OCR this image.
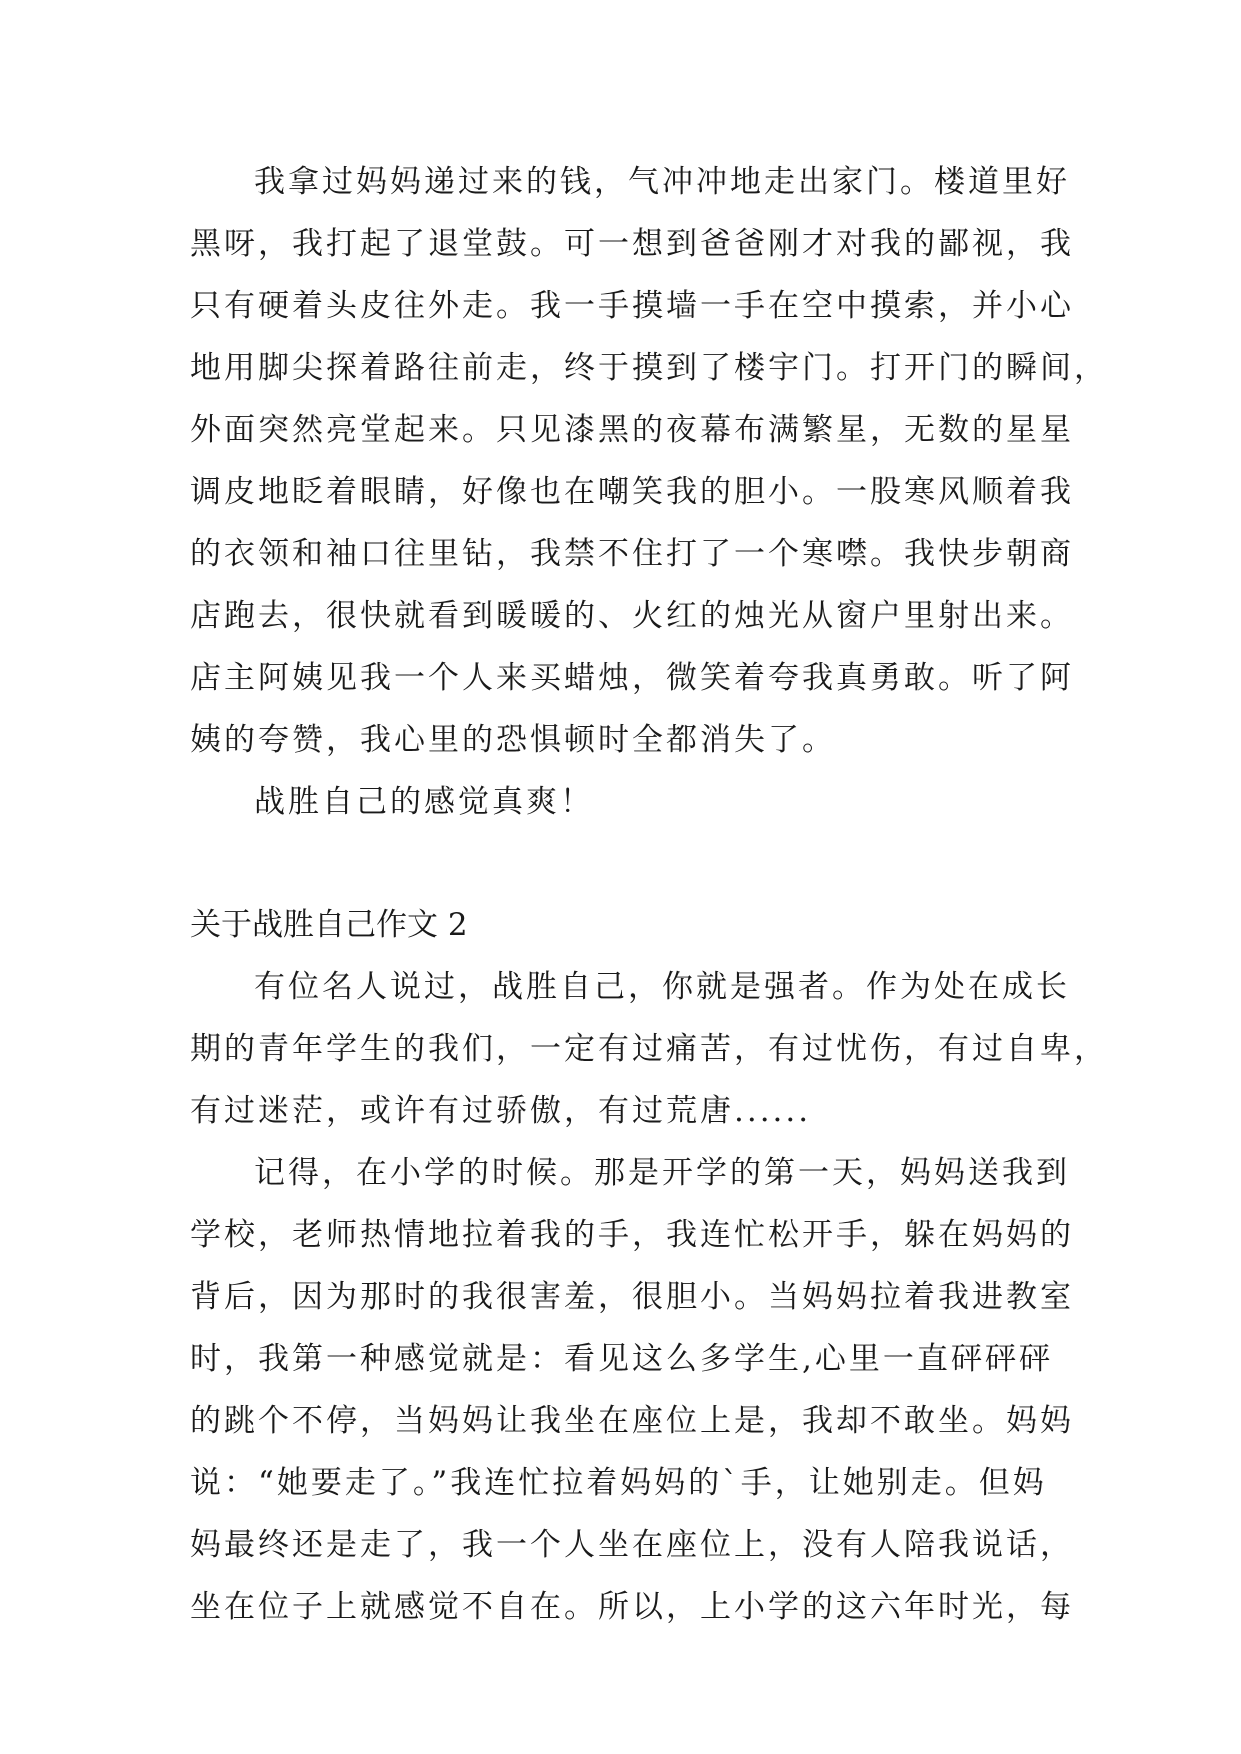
我拿过妈妈递过来的钱，气冲冲地走出家门。楼道里好
黑呀，我打起了退堂鼓。可一想到爸爸刚才对我的鄙视，我
只有硬着头皮往外走。我一手摸墙一手在空中摸索，并小心
地用脚尖探着路往前走，终于摸到了楼宇门。打开门的瞬间，
外面突然亮堂起来。只见漆黑的夜幕布满繁星，无数的星星
调皮地眨着眼睛，好像也在嘲笑我的胆小。一股寒风顺着我
的衣领和袖口往里钻，我禁不住打了一个寒噤。我快步朝商
店跑去，很快就看到暖暖的、火红的烛光从窗户里射出来。
店主阿姨见我一个人来买蜡烛，微笑着夸我真勇敢。听了阿
姨的夸赞，我心里的恐惧顿时全都消失了。
战胜自己的感觉真爽！
关于战胜自己作文 2
有位名人说过，战胜自己，你就是强者。作为处在成长
期的青年学生的我们，一定有过痛苦，有过忧伤，有过自卑，
有过迷茫，或许有过骄傲，有过荒唐......
记得，在小学的时候。那是开学的第一天，妈妈送我到
学校，老师热情地拉着我的手，我连忙松开手，躲在妈妈的
背后，因为那时的我很害羞，很胆小。当妈妈拉着我进教室
时，我第一种感觉就是：看见这么多学生,心里一直砰砰砰
的跳个不停，当妈妈让我坐在座位上是，我却不敢坐。妈妈
说：“她要走了。”我连忙拉着妈妈的`手，让她别走。但妈
妈最终还是走了，我一个人坐在座位上，没有人陪我说话，
坐在位子上就感觉不自在。所以，上小学的这六年时光，每
